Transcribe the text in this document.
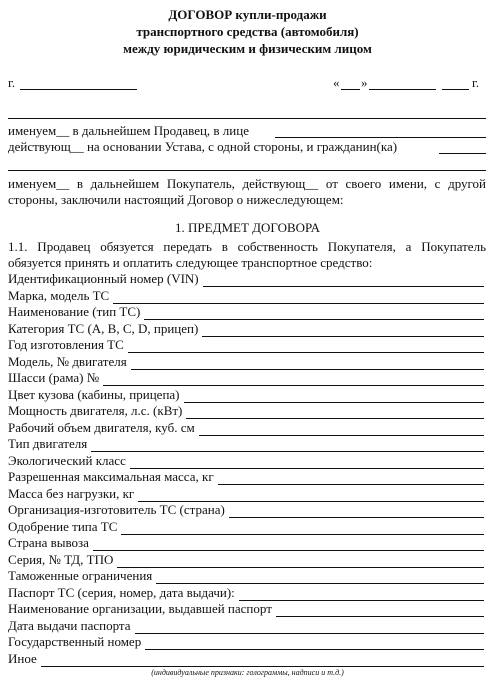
ДОГОВОР купли-продажи
транспортного средства (автомобиля)
между юридическим и физическим лицом
г.	« »	г.
именуем__ в дальнейшем Продавец, в лице
действующ__ на основании Устава, с одной стороны, и гражданин(ка)
именуем__ в дальнейшем Покупатель, действующ__ от своего имени, с другой
стороны, заключили настоящий Договор о нижеследующем:
1. ПРЕДМЕТ ДОГОВОРА
1.1. Продавец обязуется передать в собственность Покупателя, а Покупатель
обязуется принять и оплатить следующее транспортное средство:
Идентификационный номер (VIN)
Марка, модель ТС
Наименование (тип ТС)
Категория ТС (A, B, C, D, прицеп)
Год изготовления ТС
Модель, № двигателя
Шасси (рама) №
Цвет кузова (кабины, прицепа)
Мощность двигателя, л.с. (кВт)
Рабочий объем двигателя, куб. см
Тип двигателя
Экологический класс
Разрешенная максимальная масса, кг
Масса без нагрузки, кг
Организация-изготовитель ТС (страна)
Одобрение типа ТС
Страна вывоза
Серия, № ТД, ТПО
Таможенные ограничения
Паспорт ТС (серия, номер, дата выдачи):
Наименование организации, выдавшей паспорт
Дата выдачи паспорта
Государственный номер
Иное
(индивидуальные признаки: голограммы, надписи и т.д.)
